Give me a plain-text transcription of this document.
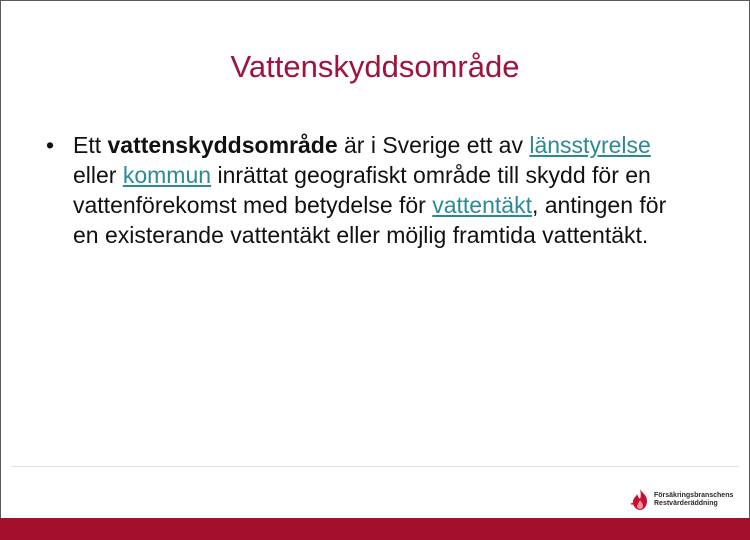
Vattenskyddsområde
• Ett vattenskyddsområde är i Sverige ett av länsstyrelse eller kommun inrättat geografiskt område till skydd för en vattenförekomst med betydelse för vattentäkt, antingen för en existerande vattentäkt eller möjlig framtida vattentäkt.
Försäkringsbranschens
Restvärderäddning
